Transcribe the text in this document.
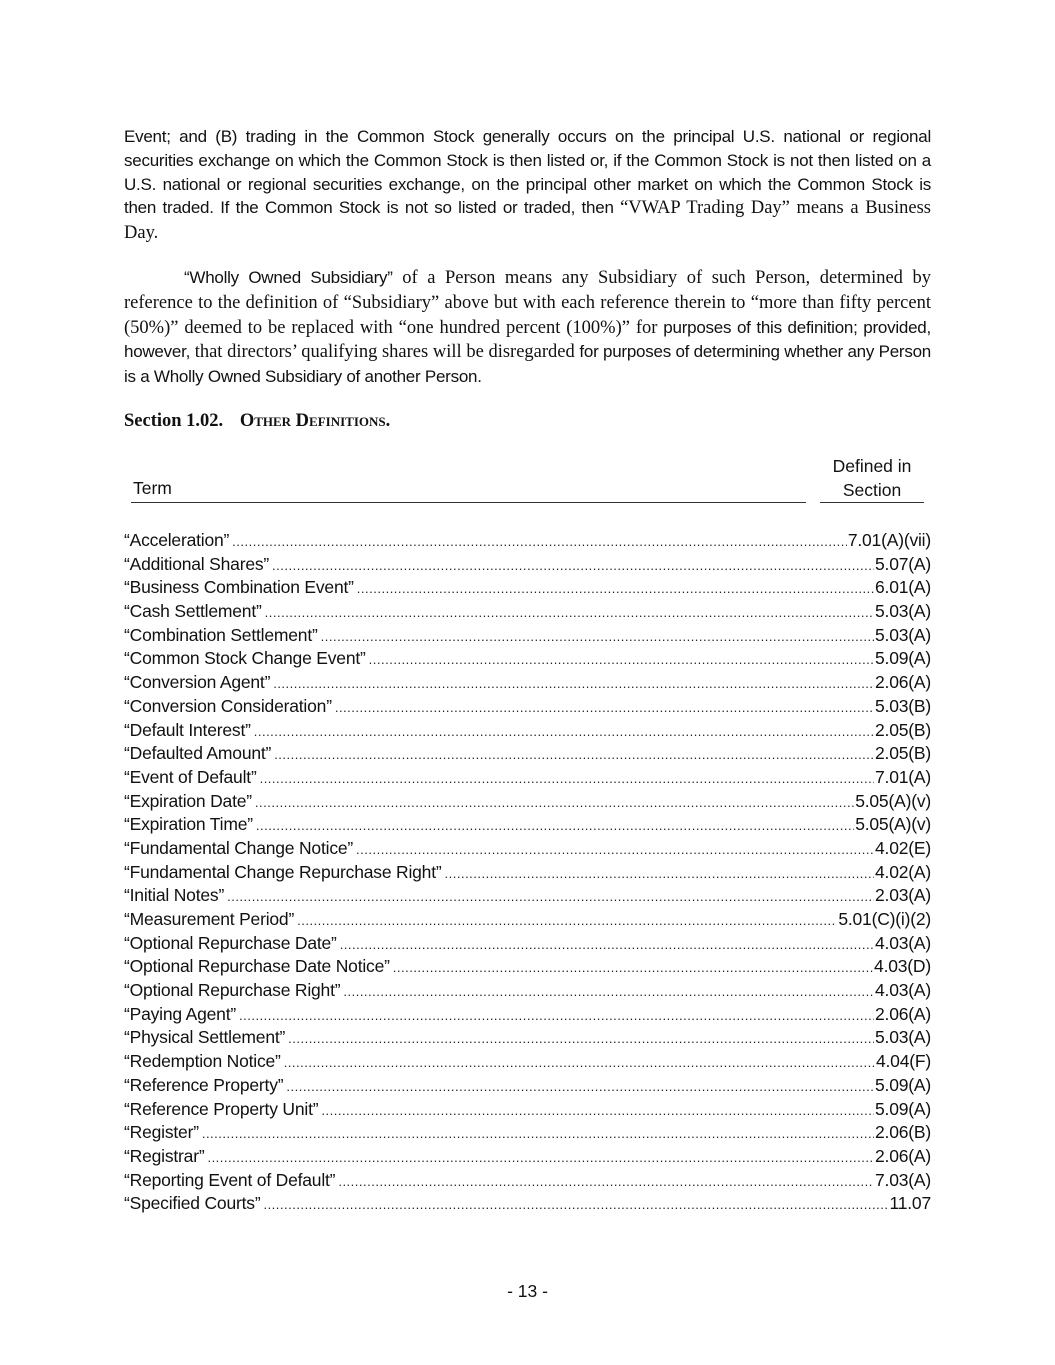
Event; and (B) trading in the Common Stock generally occurs on the principal U.S. national or regional securities exchange on which the Common Stock is then listed or, if the Common Stock is not then listed on a U.S. national or regional securities exchange, on the principal other market on which the Common Stock is then traded. If the Common Stock is not so listed or traded, then “VWAP Trading Day” means a Business Day.

“Wholly Owned Subsidiary” of a Person means any Subsidiary of such Person, determined by reference to the definition of “Subsidiary” above but with each reference therein to “more than fifty percent (50%)” deemed to be replaced with “one hundred percent (100%)” for purposes of this definition; provided, however, that directors’ qualifying shares will be disregarded for purposes of determining whether any Person is a Wholly Owned Subsidiary of another Person.

Section 1.02. Other Definitions.
Term
Defined in
Section
“Acceleration” .....	7.01(A)(vii)
“Additional Shares” .....	5.07(A)
“Business Combination Event” .....	6.01(A)
“Cash Settlement” .....	5.03(A)
“Combination Settlement” .....	5.03(A)
“Common Stock Change Event” .....	5.09(A)
“Conversion Agent” .....	2.06(A)
“Conversion Consideration” .....	5.03(B)
“Default Interest” .....	2.05(B)
“Defaulted Amount” .....	2.05(B)
“Event of Default” .....	7.01(A)
“Expiration Date” .....	5.05(A)(v)
“Expiration Time” .....	5.05(A)(v)
“Fundamental Change Notice” .....	4.02(E)
“Fundamental Change Repurchase Right” .....	4.02(A)
“Initial Notes” .....	2.03(A)
“Measurement Period” .....	5.01(C)(i)(2)
“Optional Repurchase Date” .....	4.03(A)
“Optional Repurchase Date Notice” .....	4.03(D)
“Optional Repurchase Right” .....	4.03(A)
“Paying Agent” .....	2.06(A)
“Physical Settlement” .....	5.03(A)
“Redemption Notice” .....	4.04(F)
“Reference Property” .....	5.09(A)
“Reference Property Unit” .....	5.09(A)
“Register” .....	2.06(B)
“Registrar” .....	2.06(A)
“Reporting Event of Default” .....	7.03(A)
“Specified Courts” .....	11.07
- 13 -
